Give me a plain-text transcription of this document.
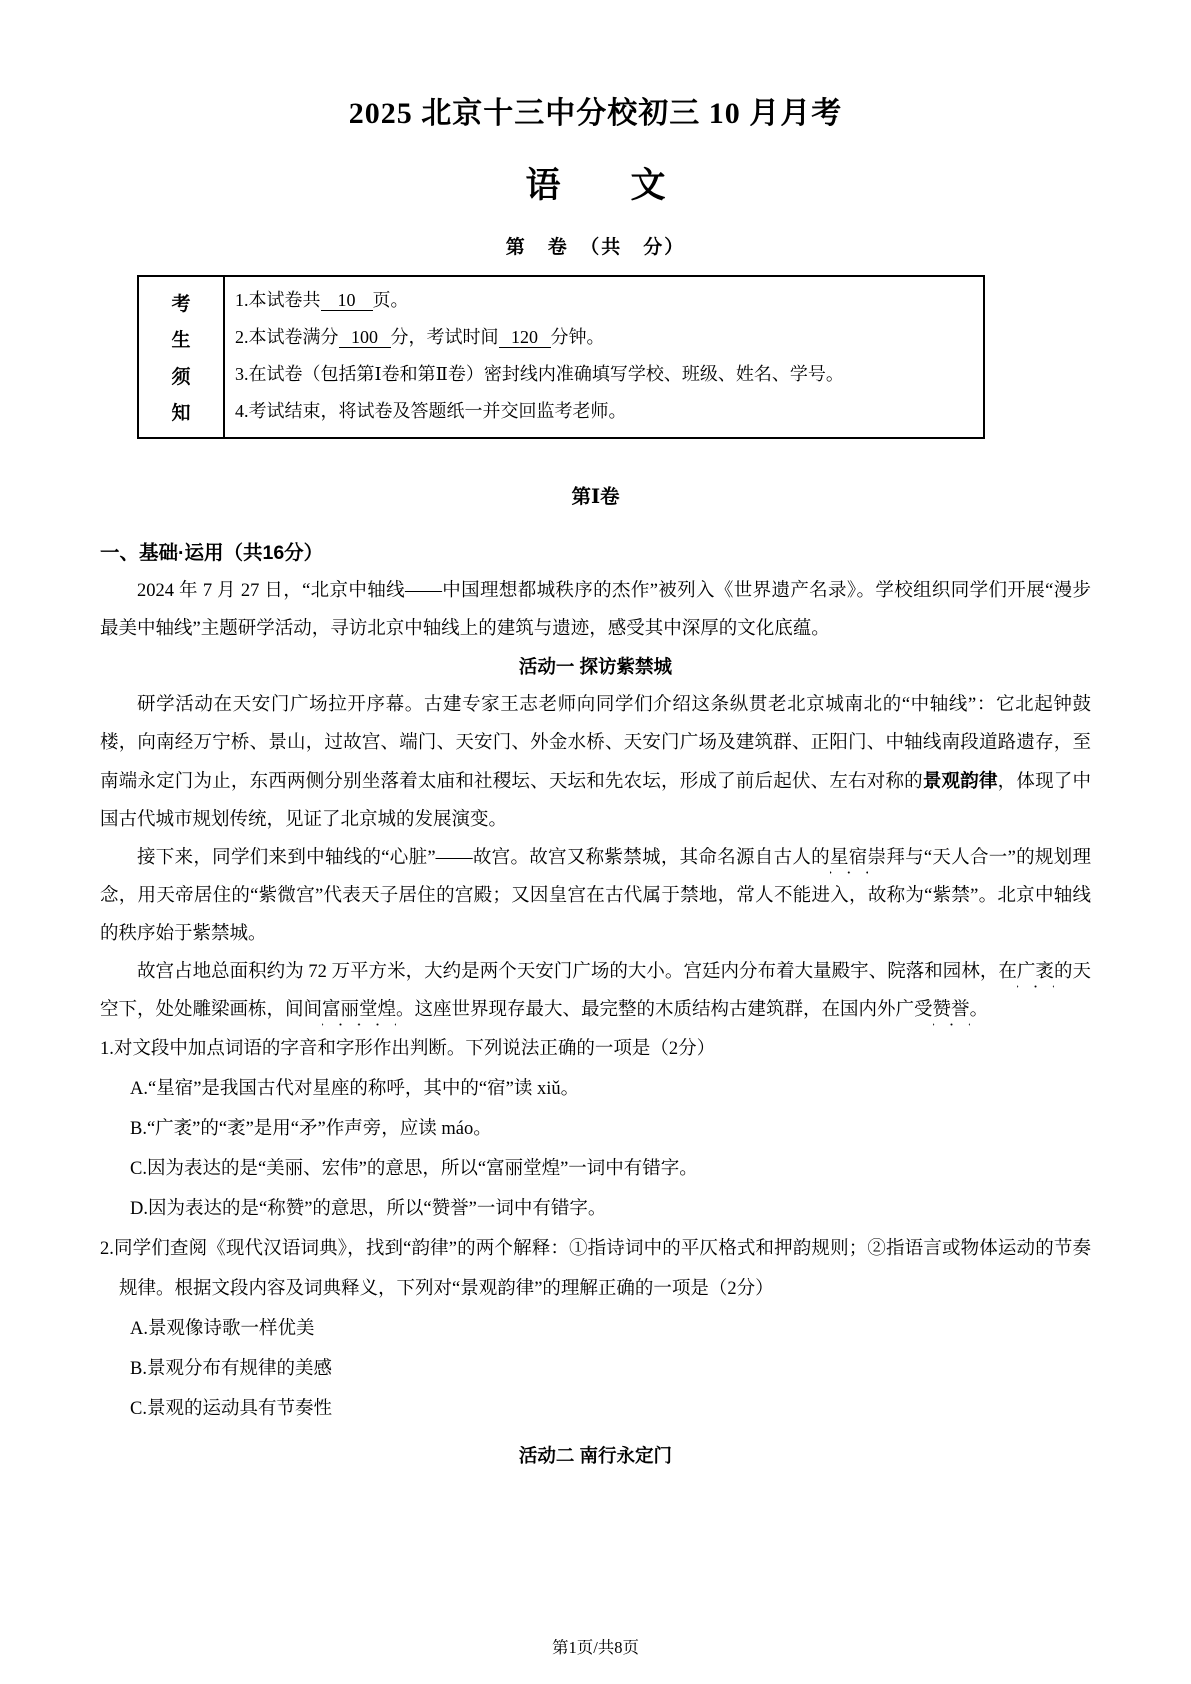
2025 北京十三中分校初三 10 月月考
语　　文
第　卷　（共　分）
考
生
须
知
1.本试卷共 10 页。
2.本试卷满分 100 分，考试时间 120 分钟。
3.在试卷（包括第Ⅰ卷和第Ⅱ卷）密封线内准确填写学校、班级、姓名、学号。
4.考试结束，将试卷及答题纸一并交回监考老师。
第Ⅰ卷
一、基础·运用（共16分）

2024 年 7 月 27 日，“北京中轴线——中国理想都城秩序的杰作”被列入《世界遗产名录》。学校组织同学们开展“漫步最美中轴线”主题研学活动，寻访北京中轴线上的建筑与遗迹，感受其中深厚的文化底蕴。

活动一 探访紫禁城

研学活动在天安门广场拉开序幕。古建专家王志老师向同学们介绍这条纵贯老北京城南北的“中轴线”：它北起钟鼓楼，向南经万宁桥、景山，过故宫、端门、天安门、外金水桥、天安门广场及建筑群、正阳门、中轴线南段道路遗存，至南端永定门为止，东西两侧分别坐落着太庙和社稷坛、天坛和先农坛，形成了前后起伏、左右对称的景观韵律，体现了中国古代城市规划传统，见证了北京城的发展演变。

接下来，同学们来到中轴线的“心脏”——故宫。故宫又称紫禁城，其命名源自古人的星宿崇拜与“天人合一”的规划理念，用天帝居住的“紫微宫”代表天子居住的宫殿；又因皇宫在古代属于禁地，常人不能进入，故称为“紫禁”。北京中轴线的秩序始于紫禁城。

故宫占地总面积约为 72 万平方米，大约是两个天安门广场的大小。宫廷内分布着大量殿宇、院落和园林，在广袤的天空下，处处雕梁画栋，间间富丽堂煌。这座世界现存最大、最完整的木质结构古建筑群，在国内外广受赞誉。

1.对文段中加点词语的字音和字形作出判断。下列说法正确的一项是（2分）

A.“星宿”是我国古代对星座的称呼，其中的“宿”读 xiǔ。
B.“广袤”的“袤”是用“矛”作声旁，应读 máo。
C.因为表达的是“美丽、宏伟”的意思，所以“富丽堂煌”一词中有错字。
D.因为表达的是“称赞”的意思，所以“赞誉”一词中有错字。

2.同学们查阅《现代汉语词典》，找到“韵律”的两个解释：①指诗词中的平仄格式和押韵规则；②指语言或物体运动的节奏规律。根据文段内容及词典释义，下列对“景观韵律”的理解正确的一项是（2分）

A.景观像诗歌一样优美
B.景观分布有规律的美感
C.景观的运动具有节奏性
活动二 南行永定门
第1页/共8页
